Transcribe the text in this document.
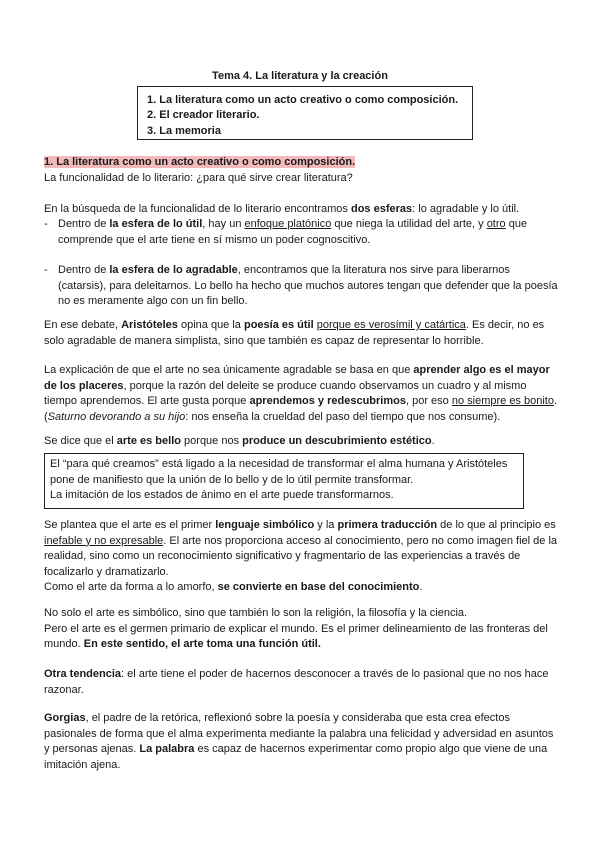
Tema 4. La literatura y la creación
1. La literatura como un acto creativo o como composición.
2. El creador literario.
3. La memoria
1. La literatura como un acto creativo o como composición.
La funcionalidad de lo literario: ¿para qué sirve crear literatura?
En la búsqueda de la funcionalidad de lo literario encontramos dos esferas: lo agradable y lo útil.
- Dentro de la esfera de lo útil, hay un enfoque platónico que niega la utilidad del arte, y otro que comprende que el arte tiene en sí mismo un poder cognoscitivo.
- Dentro de la esfera de lo agradable, encontramos que la literatura nos sirve para liberarnos (catarsis), para deleitarnos. Lo bello ha hecho que muchos autores tengan que defender que la poesía no es meramente algo con un fin bello.
En ese debate, Aristóteles opina que la poesía es útil porque es verosímil y catártica. Es decir, no es solo agradable de manera simplista, sino que también es capaz de representar lo horrible.
La explicación de que el arte no sea únicamente agradable se basa en que aprender algo es el mayor de los placeres, porque la razón del deleite se produce cuando observamos un cuadro y al mismo tiempo aprendemos. El arte gusta porque aprendemos y redescubrimos, por eso no siempre es bonito. (Saturno devorando a su hijo: nos enseña la crueldad del paso del tiempo que nos consume).
Se dice que el arte es bello porque nos produce un descubrimiento estético.
El “para qué creamos” está ligado a la necesidad de transformar el alma humana y Aristóteles pone de manifiesto que la unión de lo bello y de lo útil permite transformar.
La imitación de los estados de ánimo en el arte puede transformarnos.
Se plantea que el arte es el primer lenguaje simbólico y la primera traducción de lo que al principio es inefable y no expresable. El arte nos proporciona acceso al conocimiento, pero no como imagen fiel de la realidad, sino como un reconocimiento significativo y fragmentario de las experiencias a través de focalizarlo y dramatizarlo.
Como el arte da forma a lo amorfo, se convierte en base del conocimiento.
No solo el arte es simbólico, sino que también lo son la religión, la filosofía y la ciencia.
Pero el arte es el germen primario de explicar el mundo. Es el primer delineamiento de las fronteras del mundo. En este sentido, el arte toma una función útil.
Otra tendencia: el arte tiene el poder de hacernos desconocer a través de lo pasional que no nos hace razonar.
Gorgias, el padre de la retórica, reflexionó sobre la poesía y consideraba que esta crea efectos pasionales de forma que el alma experimenta mediante la palabra una felicidad y adversidad en asuntos y personas ajenas. La palabra es capaz de hacernos experimentar como propio algo que viene de una imitación ajena.
